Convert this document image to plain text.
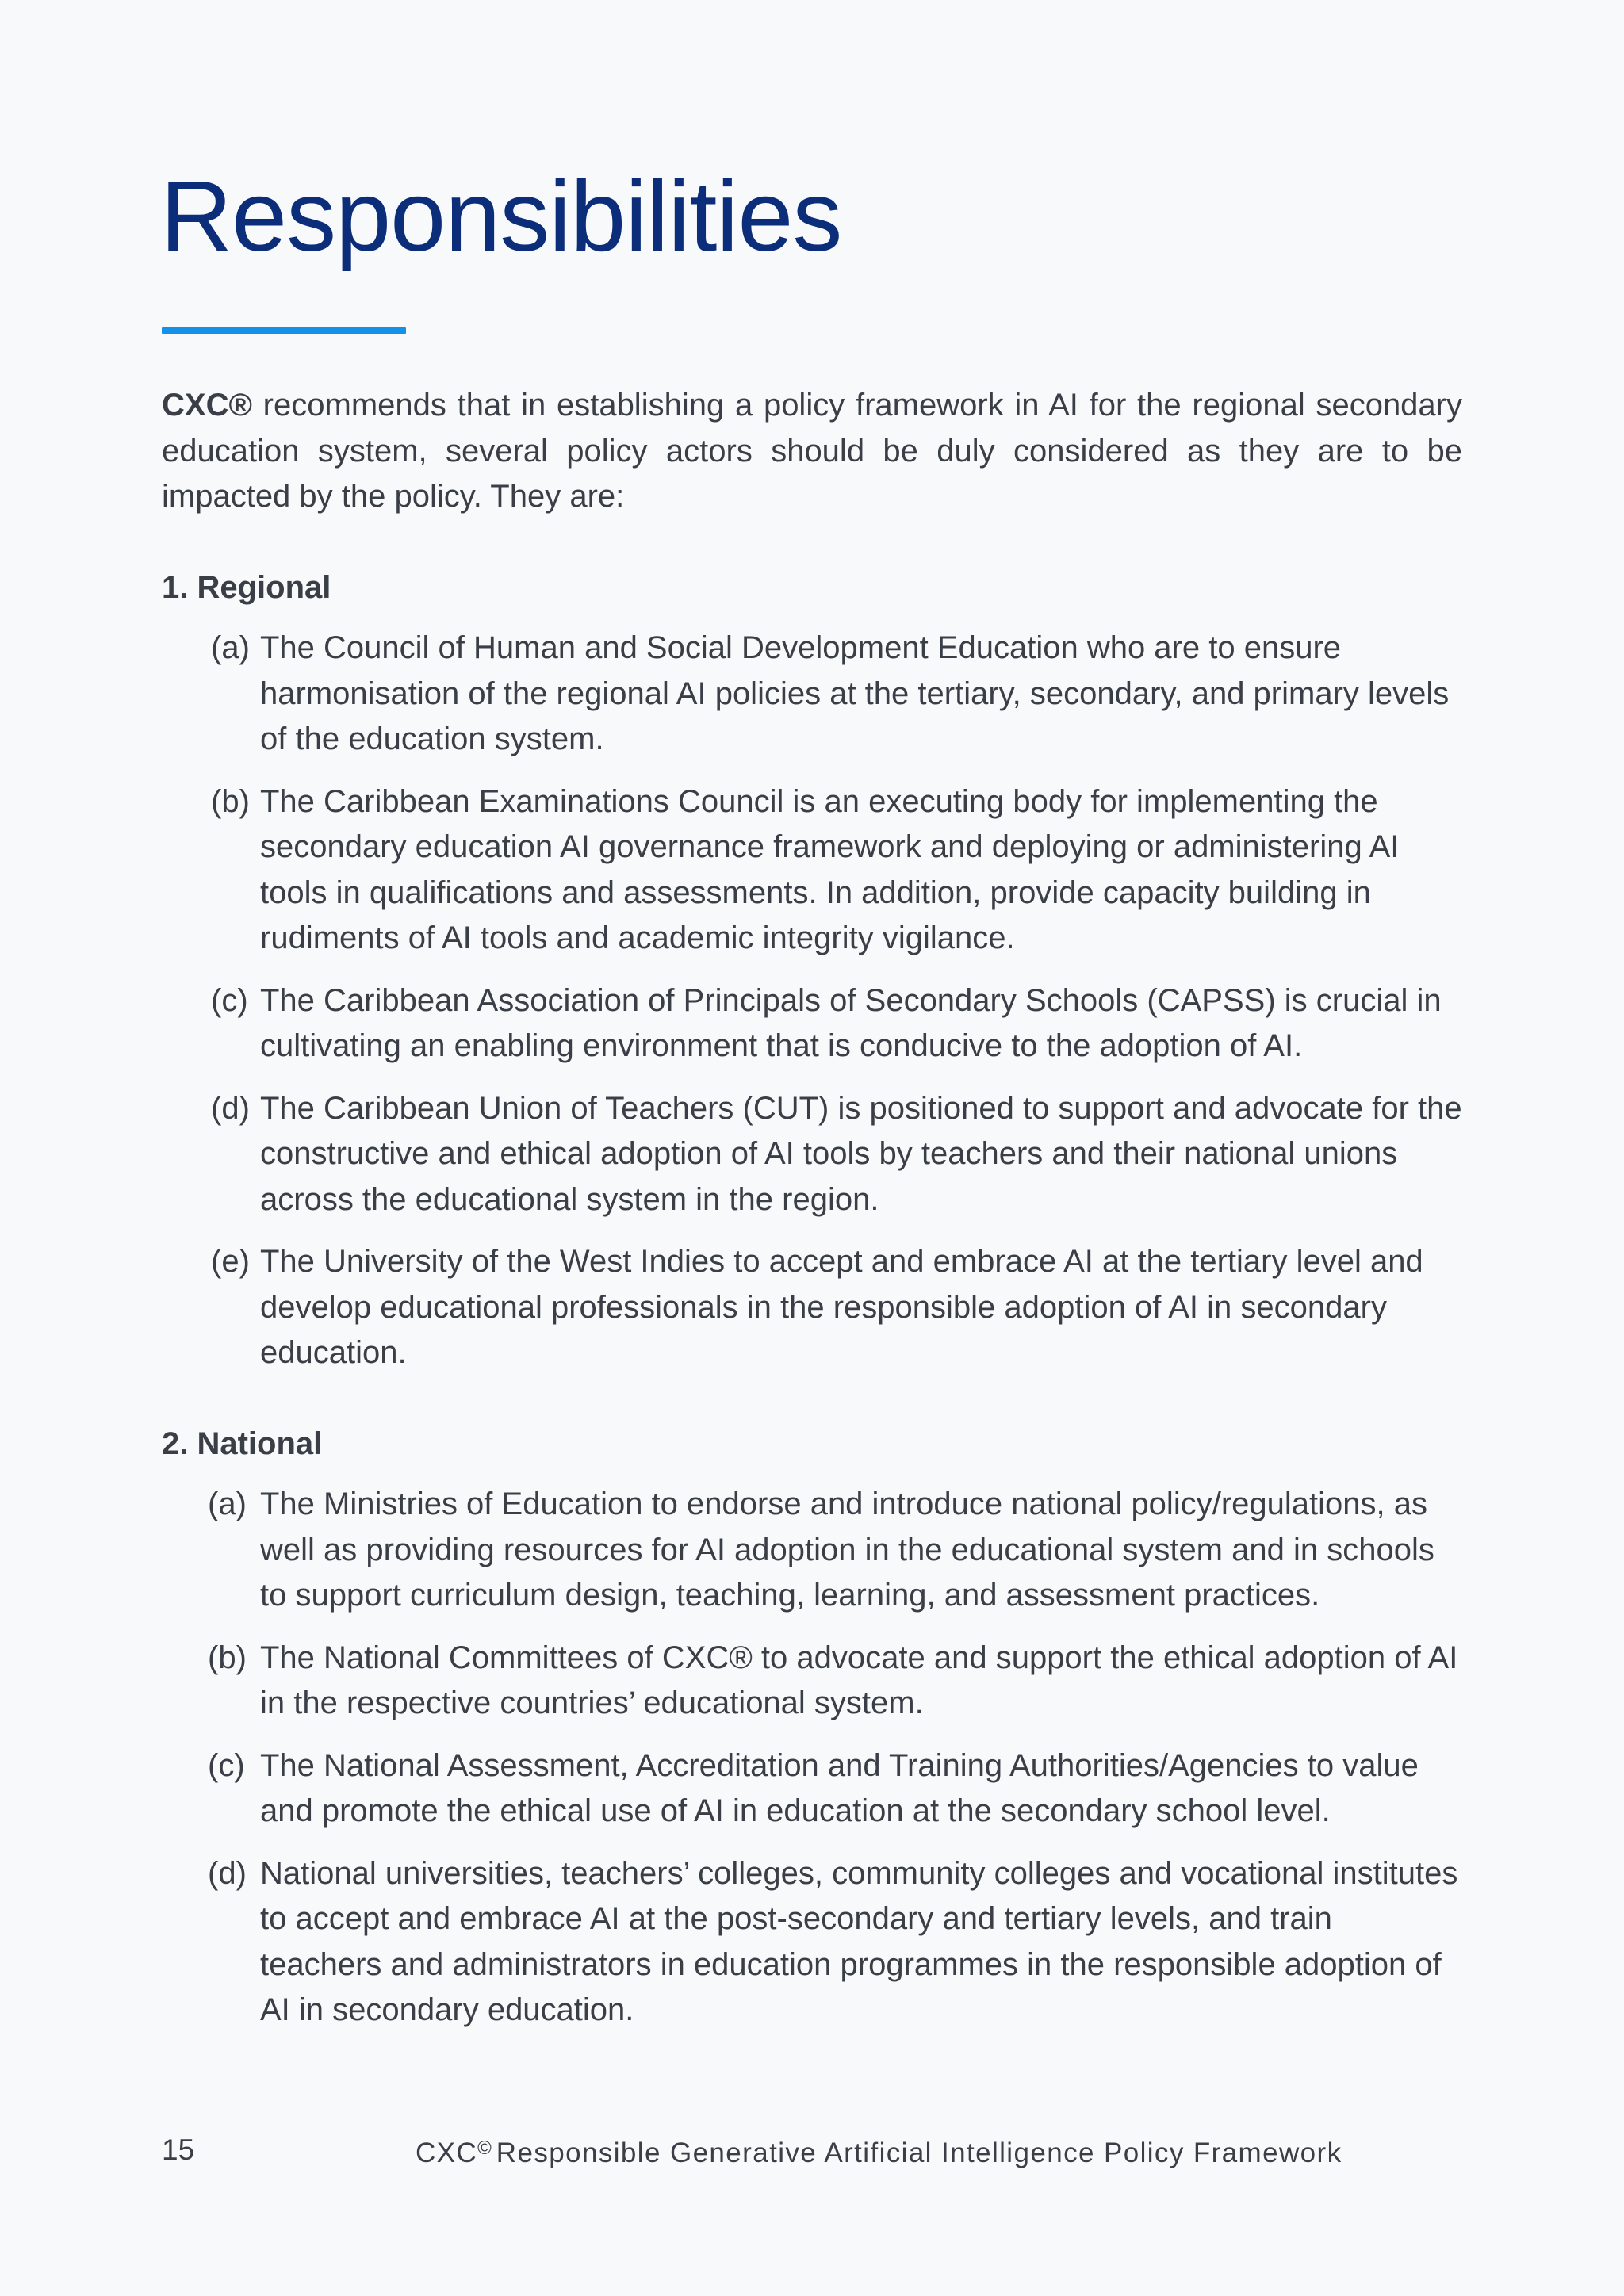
Responsibilities

CXC® recommends that in establishing a policy framework in AI for the regional secondary education system, several policy actors should be duly considered as they are to be impacted by the policy. They are:

1. Regional
(a) The Council of Human and Social Development Education who are to ensure harmonisation of the regional AI policies at the tertiary, secondary, and primary levels of the education system.
(b) The Caribbean Examinations Council is an executing body for implementing the secondary education AI governance framework and deploying or administering AI tools in qualifications and assessments. In addition, provide capacity building in rudiments of AI tools and academic integrity vigilance.
(c) The Caribbean Association of Principals of Secondary Schools (CAPSS) is crucial in cultivating an enabling environment that is conducive to the adoption of AI.
(d) The Caribbean Union of Teachers (CUT) is positioned to support and advocate for the constructive and ethical adoption of AI tools by teachers and their national unions across the educational system in the region.
(e) The University of the West Indies to accept and embrace AI at the tertiary level and develop educational professionals in the responsible adoption of AI in secondary education.
2. National
(a) The Ministries of Education to endorse and introduce national policy/regulations, as well as providing resources for AI adoption in the educational system and in schools to support curriculum design, teaching, learning, and assessment practices.
(b) The National Committees of CXC® to advocate and support the ethical adoption of AI in the respective countries’ educational system.
(c) The National Assessment, Accreditation and Training Authorities/Agencies to value and promote the ethical use of AI in education at the secondary school level.
(d) National universities, teachers’ colleges, community colleges and vocational institutes to accept and embrace AI at the post-secondary and tertiary levels, and train teachers and administrators in education programmes in the responsible adoption of AI in secondary education.
15	CXC© Responsible Generative Artificial Intelligence Policy Framework
